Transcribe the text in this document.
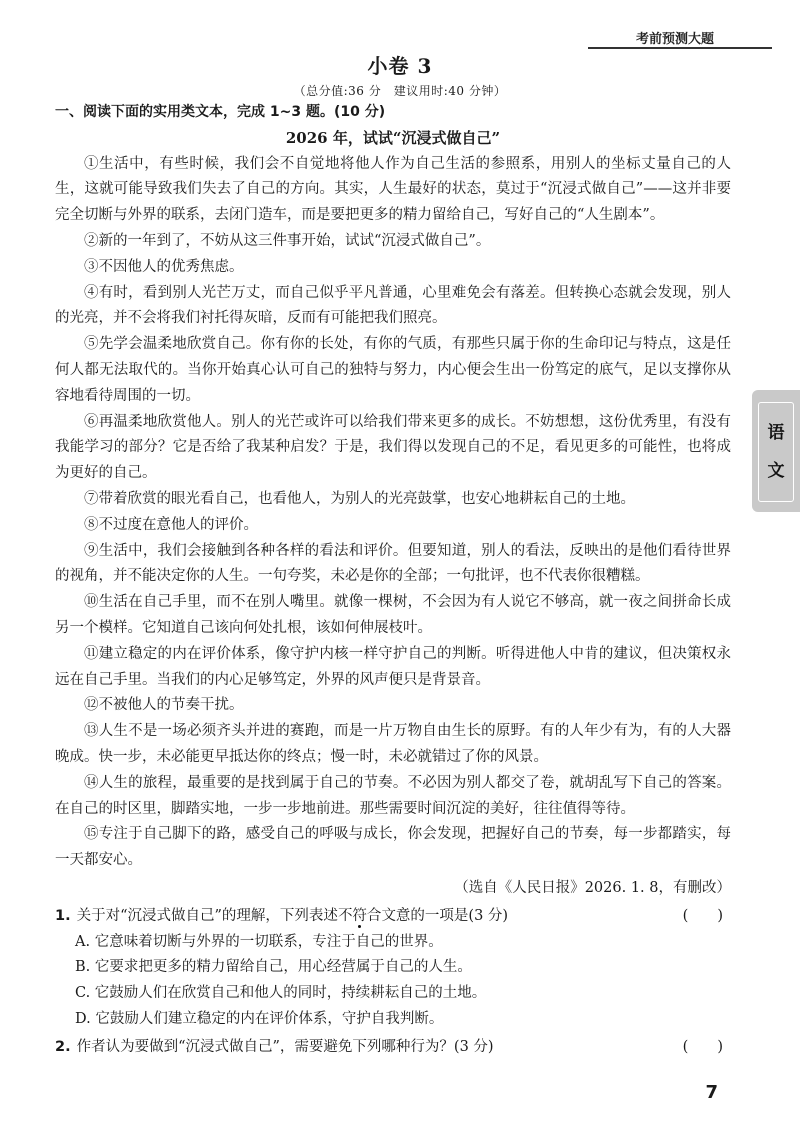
考前预测大题
小卷 3
（总分值:36 分　建议用时:40 分钟）

一、阅读下面的实用类文本，完成 1~3 题。(10 分)

2026 年，试试“沉浸式做自己”

①生活中，有些时候，我们会不自觉地将他人作为自己生活的参照系，用别人的坐标丈量自己的人生，这就可能导致我们失去了自己的方向。其实，人生最好的状态，莫过于“沉浸式做自己”——这并非要完全切断与外界的联系，去闭门造车，而是要把更多的精力留给自己，写好自己的“人生剧本”。

②新的一年到了，不妨从这三件事开始，试试“沉浸式做自己”。

③不因他人的优秀焦虑。

④有时，看到别人光芒万丈，而自己似乎平凡普通，心里难免会有落差。但转换心态就会发现，别人的光亮，并不会将我们衬托得灰暗，反而有可能把我们照亮。

⑤先学会温柔地欣赏自己。你有你的长处，有你的气质，有那些只属于你的生命印记与特点，这是任何人都无法取代的。当你开始真心认可自己的独特与努力，内心便会生出一份笃定的底气，足以支撑你从容地看待周围的一切。

⑥再温柔地欣赏他人。别人的光芒或许可以给我们带来更多的成长。不妨想想，这份优秀里，有没有我能学习的部分？它是否给了我某种启发？于是，我们得以发现自己的不足，看见更多的可能性，也将成为更好的自己。

⑦带着欣赏的眼光看自己，也看他人，为别人的光亮鼓掌，也安心地耕耘自己的土地。

⑧不过度在意他人的评价。

⑨生活中，我们会接触到各种各样的看法和评价。但要知道，别人的看法，反映出的是他们看待世界的视角，并不能决定你的人生。一句夸奖，未必是你的全部；一句批评，也不代表你很糟糕。

⑩生活在自己手里，而不在别人嘴里。就像一棵树，不会因为有人说它不够高，就一夜之间拼命长成另一个模样。它知道自己该向何处扎根，该如何伸展枝叶。

⑪建立稳定的内在评价体系，像守护内核一样守护自己的判断。听得进他人中肯的建议，但决策权永远在自己手里。当我们的内心足够笃定，外界的风声便只是背景音。

⑫不被他人的节奏干扰。

⑬人生不是一场必须齐头并进的赛跑，而是一片万物自由生长的原野。有的人年少有为，有的人大器晚成。快一步，未必能更早抵达你的终点；慢一时，未必就错过了你的风景。

⑭人生的旅程，最重要的是找到属于自己的节奏。不必因为别人都交了卷，就胡乱写下自己的答案。在自己的时区里，脚踏实地，一步一步地前进。那些需要时间沉淀的美好，往往值得等待。

⑮专注于自己脚下的路，感受自己的呼吸与成长，你会发现，把握好自己的节奏，每一步都踏实，每一天都安心。

（选自《人民日报》2026. 1. 8，有删改）

1. 关于对“沉浸式做自己”的理解，下列表述不符合文意的一项是(3 分)	(　　)

A. 它意味着切断与外界的一切联系，专注于自己的世界。

B. 它要求把更多的精力留给自己，用心经营属于自己的人生。

C. 它鼓励人们在欣赏自己和他人的同时，持续耕耘自己的土地。

D. 它鼓励人们建立稳定的内在评价体系，守护自我判断。

2. 作者认为要做到“沉浸式做自己”，需要避免下列哪种行为？(3 分)	(　　)
语
文
7
